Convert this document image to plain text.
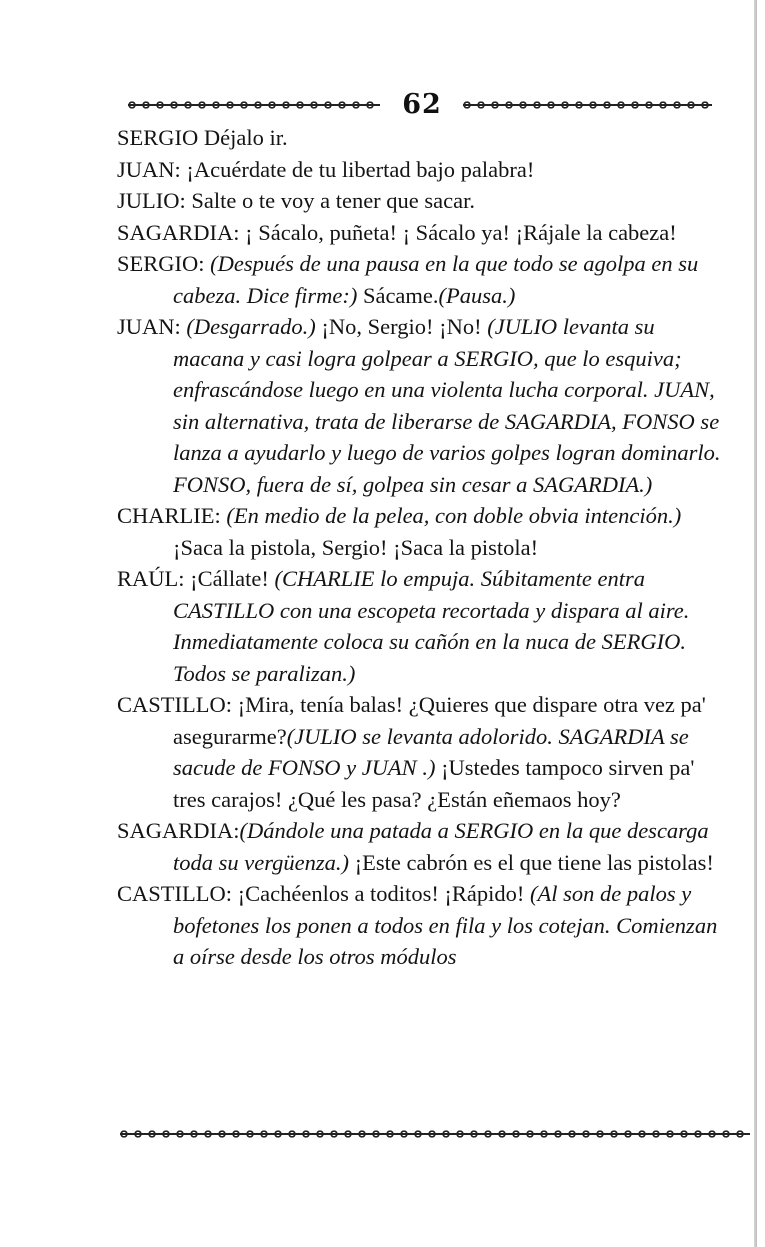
62

SERGIO Déjalo ir.

JUAN: ¡Acuérdate de tu libertad bajo palabra!

JULIO: Salte o te voy a tener que sacar.

SAGARDIA: ¡ Sácalo, puñeta! ¡ Sácalo ya! ¡Rájale la cabeza!

SERGIO: (Después de una pausa en la que todo se agolpa en su cabeza. Dice firme:) Sácame.(Pausa.)

JUAN: (Desgarrado.) ¡No, Sergio! ¡No! (JULIO levanta su macana y casi logra golpear a SERGIO, que lo esquiva; enfrascándose luego en una violenta lucha corporal. JUAN, sin alternativa, trata de liberarse de SAGARDIA, FONSO se lanza a ayudarlo y luego de varios golpes logran dominarlo. FONSO, fuera de sí, golpea sin cesar a SAGARDIA.)

CHARLIE: (En medio de la pelea, con doble obvia intención.) ¡Saca la pistola, Sergio! ¡Saca la pistola!

RAÚL: ¡Cállate! (CHARLIE lo empuja. Súbitamente entra CASTILLO con una escopeta recortada y dispara al aire. Inmediatamente coloca su cañón en la nuca de SERGIO. Todos se paralizan.)

CASTILLO: ¡Mira, tenía balas! ¿Quieres que dispare otra vez pa' asegurarme?(JULIO se levanta adolorido. SAGARDIA se sacude de FONSO y JUAN .) ¡Ustedes tampoco sirven pa' tres carajos! ¿Qué les pasa? ¿Están eñemaos hoy?

SAGARDIA:(Dándole una patada a SERGIO en la que descarga toda su vergüenza.) ¡Este cabrón es el que tiene las pistolas!

CASTILLO: ¡Cachéenlos a toditos! ¡Rápido! (Al son de palos y bofetones los ponen a todos en fila y los cotejan. Comienzan a oírse desde los otros módulos
